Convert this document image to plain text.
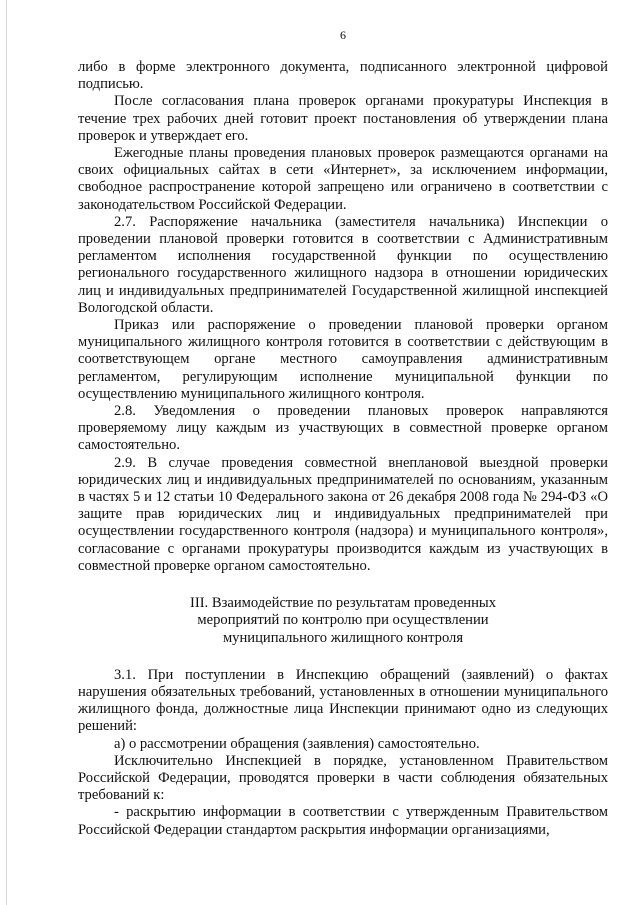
6

либо в форме электронного документа, подписанного электронной цифровой подписью.

После согласования плана проверок органами прокуратуры Инспекция в течение трех рабочих дней готовит проект постановления об утверждении плана проверок и утверждает его.

Ежегодные планы проведения плановых проверок размещаются органами на своих официальных сайтах в сети «Интернет», за исключением информации, свободное распространение которой запрещено или ограничено в соответствии с законодательством Российской Федерации.

2.7. Распоряжение начальника (заместителя начальника) Инспекции о проведении плановой проверки готовится в соответствии с Административным регламентом исполнения государственной функции по осуществлению регионального государственного жилищного надзора в отношении юридических лиц и индивидуальных предпринимателей Государственной жилищной инспекцией Вологодской области.

Приказ или распоряжение о проведении плановой проверки органом муниципального жилищного контроля готовится в соответствии с действующим в соответствующем органе местного самоуправления административным регламентом, регулирующим исполнение муниципальной функции по осуществлению муниципального жилищного контроля.

2.8. Уведомления о проведении плановых проверок направляются проверяемому лицу каждым из участвующих в совместной проверке органом самостоятельно.

2.9. В случае проведения совместной внеплановой выездной проверки юридических лиц и индивидуальных предпринимателей по основаниям, указанным в частях 5 и 12 статьи 10 Федерального закона от 26 декабря 2008 года № 294-ФЗ «О защите прав юридических лиц и индивидуальных предпринимателей при осуществлении государственного контроля (надзора) и муниципального контроля», согласование с органами прокуратуры производится каждым из участвующих в совместной проверке органом самостоятельно.

III. Взаимодействие по результатам проведенных
мероприятий по контролю при осуществлении
муниципального жилищного контроля

3.1. При поступлении в Инспекцию обращений (заявлений) о фактах нарушения обязательных требований, установленных в отношении муниципального жилищного фонда, должностные лица Инспекции принимают одно из следующих решений:

а) о рассмотрении обращения (заявления) самостоятельно.

Исключительно Инспекцией в порядке, установленном Правительством Российской Федерации, проводятся проверки в части соблюдения обязательных требований к:

- раскрытию информации в соответствии с утвержденным Правительством Российской Федерации стандартом раскрытия информации организациями,
